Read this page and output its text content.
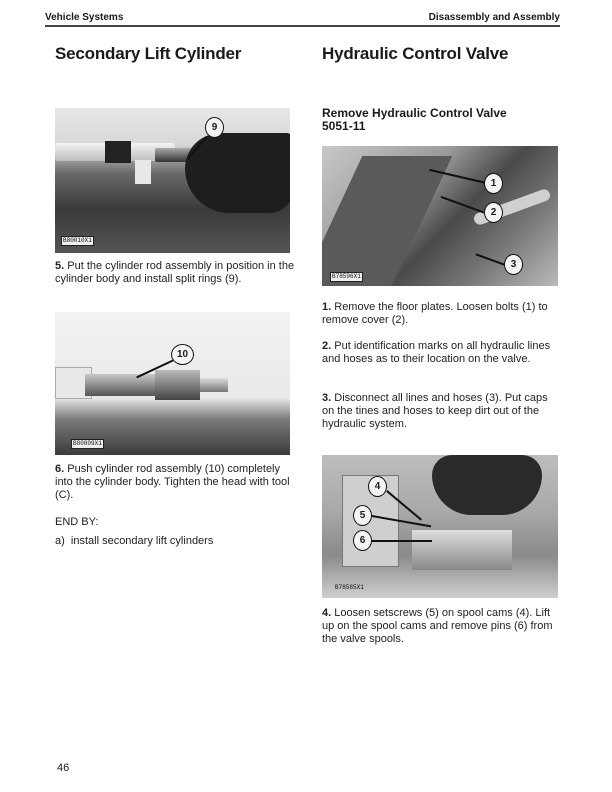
Vehicle Systems	Disassembly and Assembly
Secondary Lift Cylinder
9
B80010X1
5. Put the cylinder rod assembly in position in the cylinder body and install split rings (9).
10
B80009X1
6. Push cylinder rod assembly (10) completely into the cylinder body. Tighten the head with tool (C).
END BY:
a)  install secondary lift cylinders
Hydraulic Control Valve
Remove Hydraulic Control Valve
5051-11
1
2
3
B78596X1
1. Remove the floor plates. Loosen bolts (1) to remove cover (2).
2. Put identification marks on all hydraulic lines and hoses as to their location on the valve.
3. Disconnect all lines and hoses (3). Put caps on the tines and hoses to keep dirt out of the hydraulic system.
4
5
6
B78585X1
4. Loosen setscrews (5) on spool cams (4). Lift up on the spool cams and remove pins (6) from the valve spools.
46
